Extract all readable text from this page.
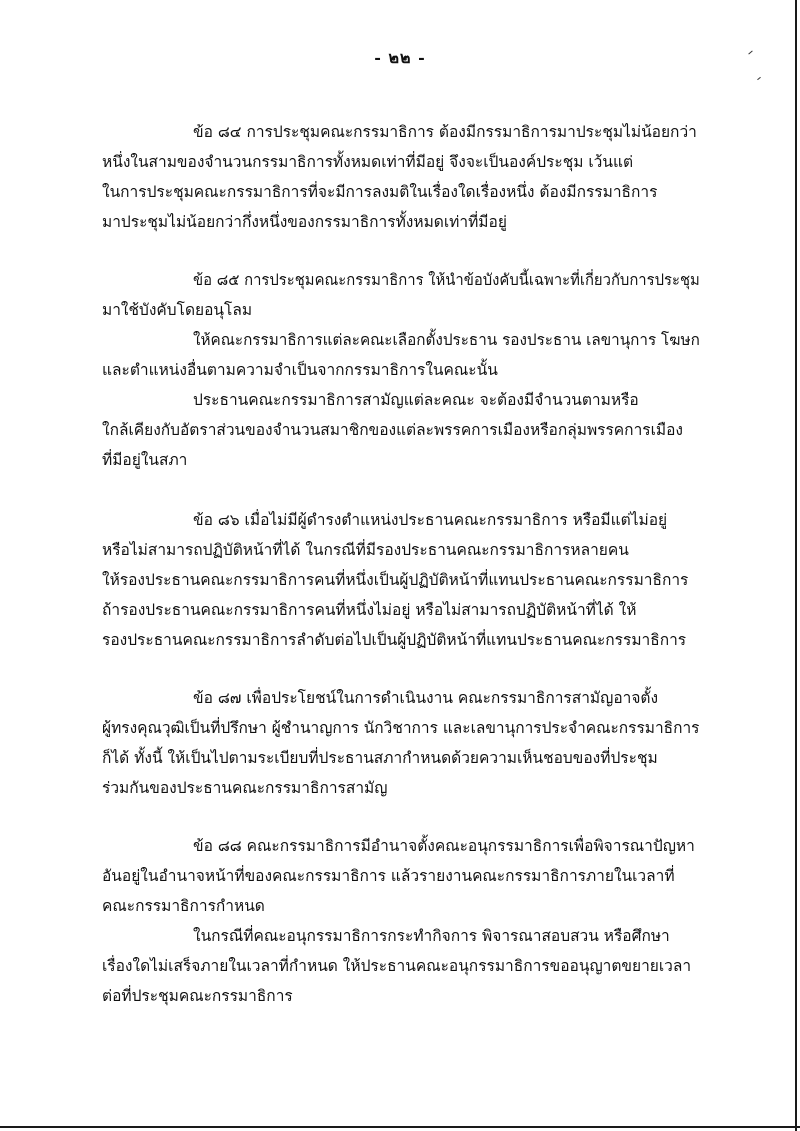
- ๒๒ -
ข้อ ๘๔ การประชุมคณะกรรมาธิการ ต้องมีกรรมาธิการมาประชุมไม่น้อยกว่า
หนึ่งในสามของจำนวนกรรมาธิการทั้งหมดเท่าที่มีอยู่ จึงจะเป็นองค์ประชุม เว้นแต่
ในการประชุมคณะกรรมาธิการที่จะมีการลงมติในเรื่องใดเรื่องหนึ่ง ต้องมีกรรมาธิการ
มาประชุมไม่น้อยกว่ากึ่งหนึ่งของกรรมาธิการทั้งหมดเท่าที่มีอยู่
ข้อ ๘๕ การประชุมคณะกรรมาธิการ ให้นำข้อบังคับนี้เฉพาะที่เกี่ยวกับการประชุม
มาใช้บังคับโดยอนุโลม
ให้คณะกรรมาธิการแต่ละคณะเลือกตั้งประธาน รองประธาน เลขานุการ โฆษก
และตำแหน่งอื่นตามความจำเป็นจากกรรมาธิการในคณะนั้น
ประธานคณะกรรมาธิการสามัญแต่ละคณะ จะต้องมีจำนวนตามหรือ
ใกล้เคียงกับอัตราส่วนของจำนวนสมาชิกของแต่ละพรรคการเมืองหรือกลุ่มพรรคการเมือง
ที่มีอยู่ในสภา
ข้อ ๘๖ เมื่อไม่มีผู้ดำรงตำแหน่งประธานคณะกรรมาธิการ หรือมีแต่ไม่อยู่
หรือไม่สามารถปฏิบัติหน้าที่ได้ ในกรณีที่มีรองประธานคณะกรรมาธิการหลายคน
ให้รองประธานคณะกรรมาธิการคนที่หนึ่งเป็นผู้ปฏิบัติหน้าที่แทนประธานคณะกรรมาธิการ
ถ้ารองประธานคณะกรรมาธิการคนที่หนึ่งไม่อยู่ หรือไม่สามารถปฏิบัติหน้าที่ได้ ให้
รองประธานคณะกรรมาธิการลำดับต่อไปเป็นผู้ปฏิบัติหน้าที่แทนประธานคณะกรรมาธิการ
ข้อ ๘๗ เพื่อประโยชน์ในการดำเนินงาน คณะกรรมาธิการสามัญอาจตั้ง
ผู้ทรงคุณวุฒิเป็นที่ปรึกษา ผู้ชำนาญการ นักวิชาการ และเลขานุการประจำคณะกรรมาธิการ
ก็ได้ ทั้งนี้ ให้เป็นไปตามระเบียบที่ประธานสภากำหนดด้วยความเห็นชอบของที่ประชุม
ร่วมกันของประธานคณะกรรมาธิการสามัญ
ข้อ ๘๘ คณะกรรมาธิการมีอำนาจตั้งคณะอนุกรรมาธิการเพื่อพิจารณาปัญหา
อันอยู่ในอำนาจหน้าที่ของคณะกรรมาธิการ แล้วรายงานคณะกรรมาธิการภายในเวลาที่
คณะกรรมาธิการกำหนด
ในกรณีที่คณะอนุกรรมาธิการกระทำกิจการ พิจารณาสอบสวน หรือศึกษา
เรื่องใดไม่เสร็จภายในเวลาที่กำหนด ให้ประธานคณะอนุกรรมาธิการขออนุญาตขยายเวลา
ต่อที่ประชุมคณะกรรมาธิการ
